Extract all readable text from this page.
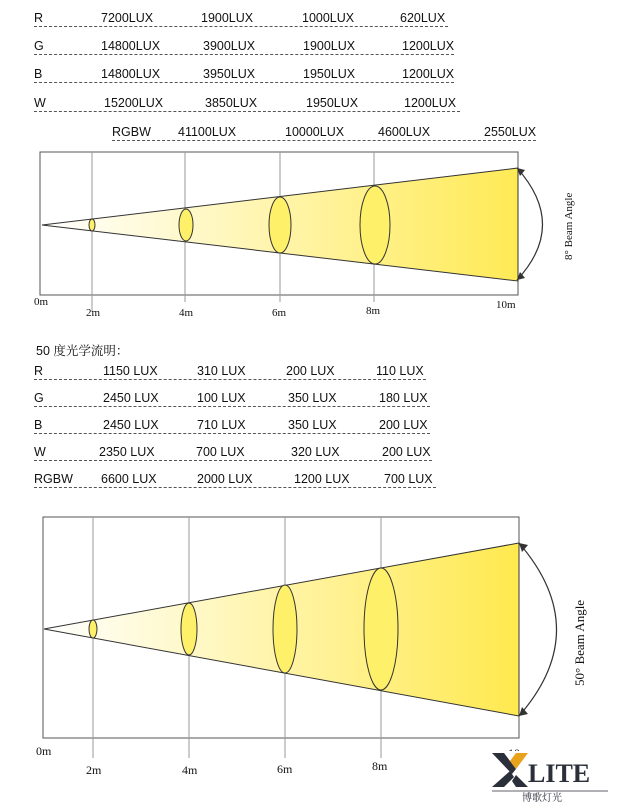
R	7200LUX	1900LUX	1000LUX	620LUX
G	14800LUX	3900LUX	1900LUX	1200LUX
B	14800LUX	3950LUX	1950LUX	1200LUX
W	15200LUX	3850LUX	1950LUX	1200LUX
RGBW 41100LUX	10000LUX	4600LUX	2550LUX
8° Beam Angle
0m
2m	4m	6m	8m	10m
50 度光学流明：
R	1150 LUX	310 LUX	200 LUX	110 LUX
G	2450 LUX	100 LUX	350 LUX	180 LUX
B	2450 LUX	710 LUX	350 LUX	200 LUX
W	2350 LUX	700 LUX	320 LUX	200 LUX
RGBW 6600 LUX	2000 LUX	1200 LUX	700 LUX
50° Beam Angle
0m
2m	4m	6m	8m	LITE
博歌灯光
